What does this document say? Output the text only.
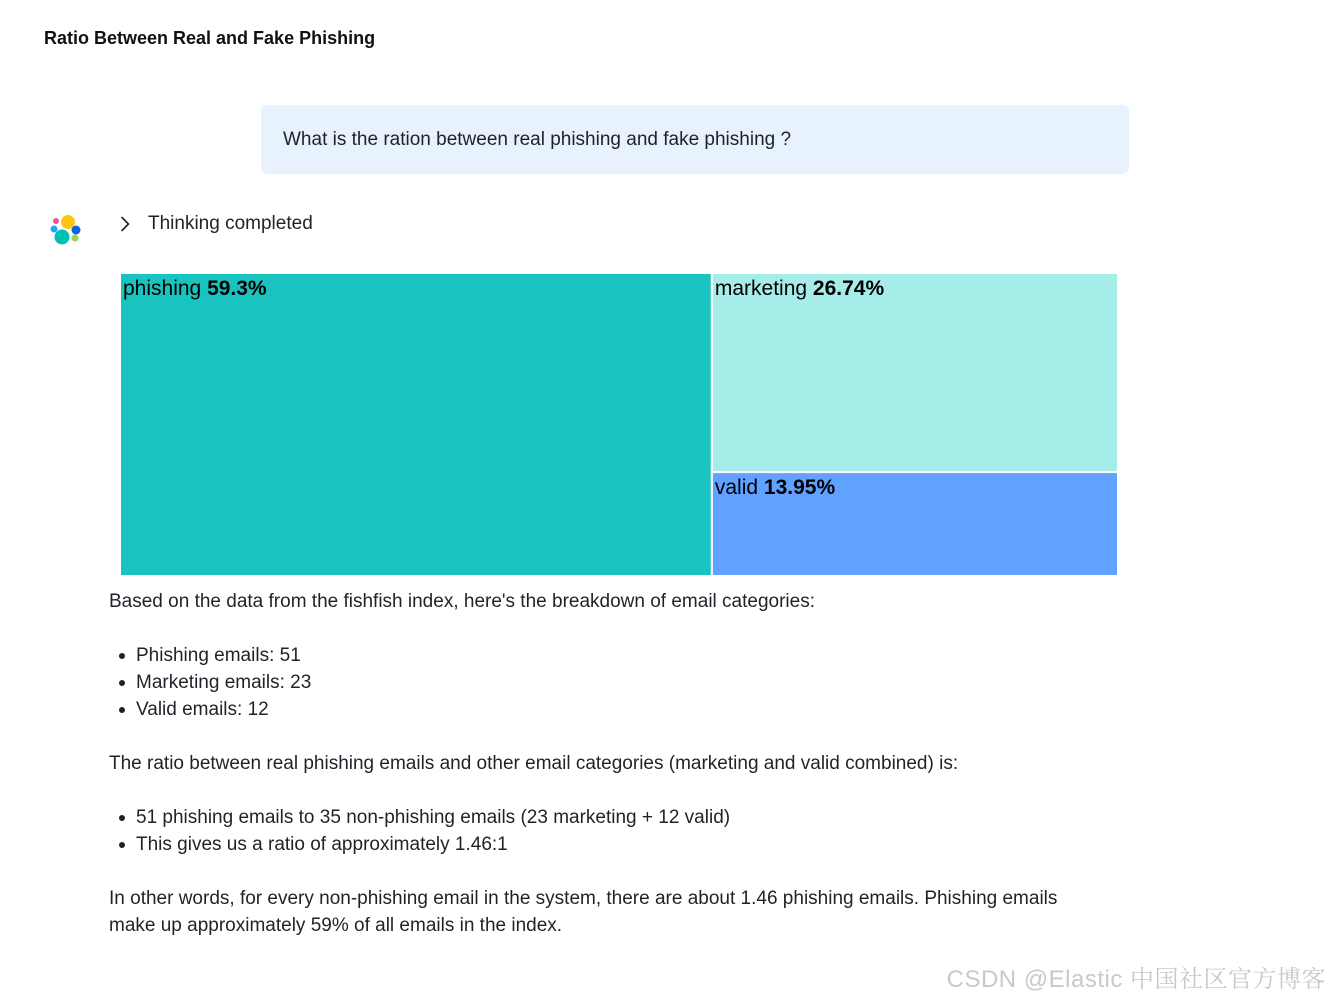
Ratio Between Real and Fake Phishing
What is the ration between real phishing and fake phishing ?
Thinking completed
phishing 59.3%	marketing 26.74%
valid 13.95%

Based on the data from the fishfish index, here's the breakdown of email categories:

Phishing emails: 51
Marketing emails: 23
Valid emails: 12

The ratio between real phishing emails and other email categories (marketing and valid combined) is:

51 phishing emails to 35 non-phishing emails (23 marketing + 12 valid)
This gives us a ratio of approximately 1.46:1

In other words, for every non-phishing email in the system, there are about 1.46 phishing emails. Phishing emails
make up approximately 59% of all emails in the index.

CSDN @Elastic 中国社区官方博客
